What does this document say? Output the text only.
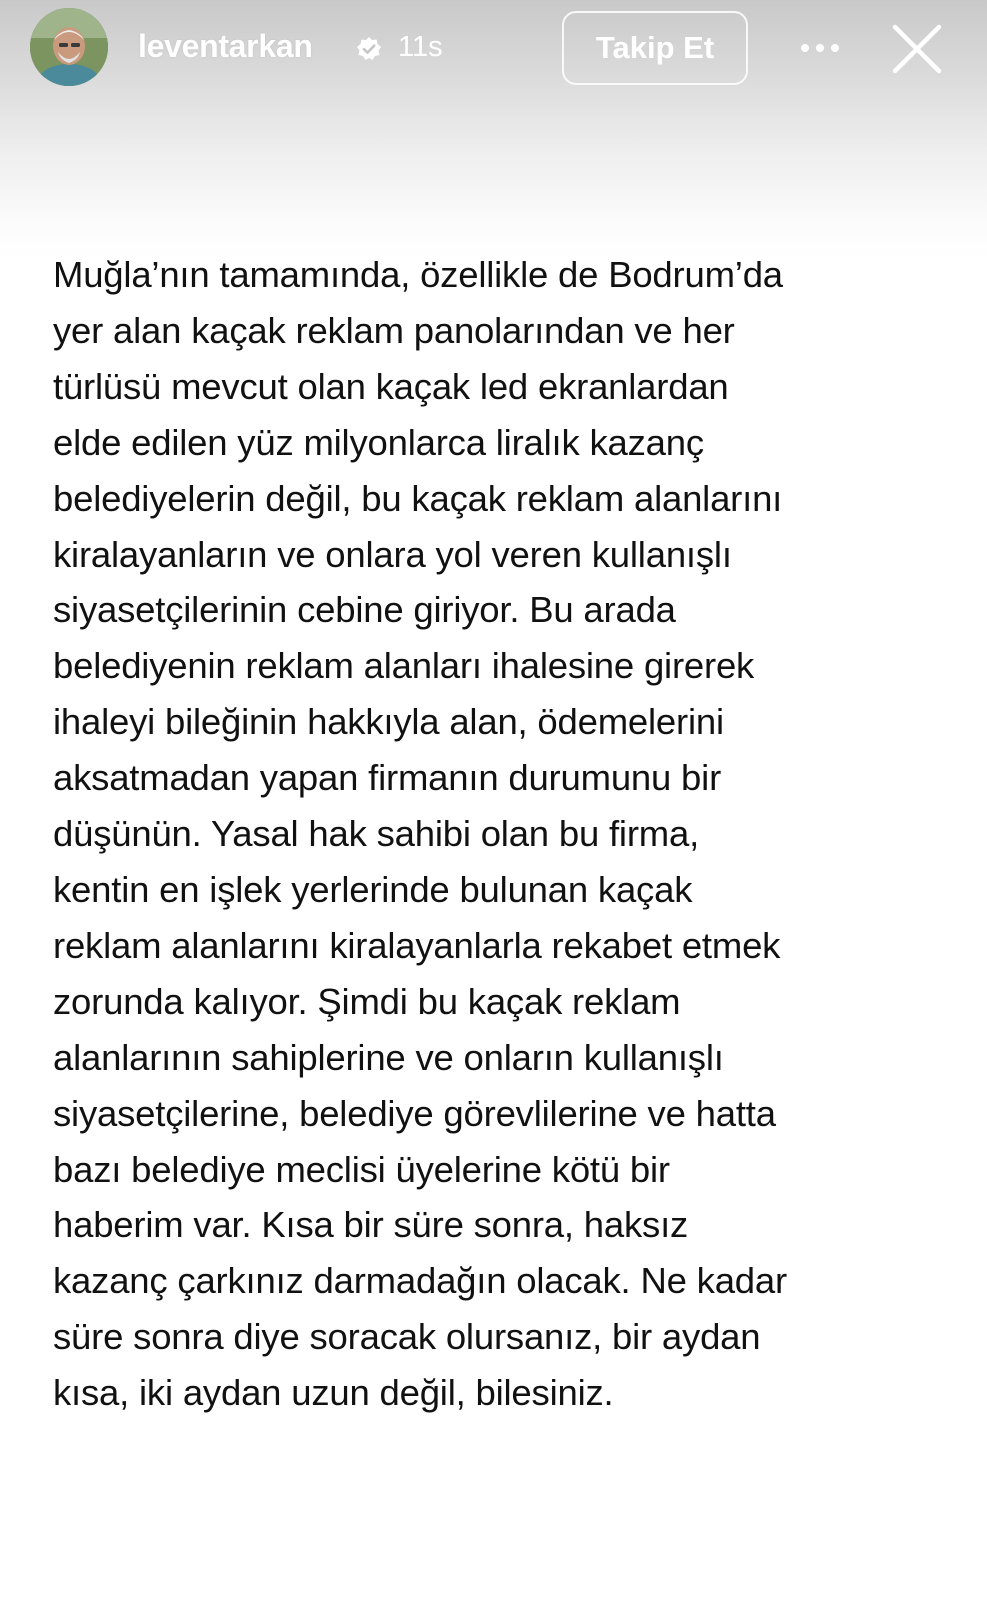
leventarkan	11s	Takip Et

Muğla’nın tamamında, özellikle de Bodrum’da
yer alan kaçak reklam panolarından ve her
türlüsü mevcut olan kaçak led ekranlardan
elde edilen yüz milyonlarca liralık kazanç
belediyelerin değil, bu kaçak reklam alanlarını
kiralayanların ve onlara yol veren kullanışlı
siyasetçilerinin cebine giriyor. Bu arada
belediyenin reklam alanları ihalesine girerek
ihaleyi bileğinin hakkıyla alan, ödemelerini
aksatmadan yapan firmanın durumunu bir
düşünün. Yasal hak sahibi olan bu firma,
kentin en işlek yerlerinde bulunan kaçak
reklam alanlarını kiralayanlarla rekabet etmek
zorunda kalıyor. Şimdi bu kaçak reklam
alanlarının sahiplerine ve onların kullanışlı
siyasetçilerine, belediye görevlilerine ve hatta
bazı belediye meclisi üyelerine kötü bir
haberim var. Kısa bir süre sonra, haksız
kazanç çarkınız darmadağın olacak. Ne kadar
süre sonra diye soracak olursanız, bir aydan
kısa, iki aydan uzun değil, bilesiniz.
